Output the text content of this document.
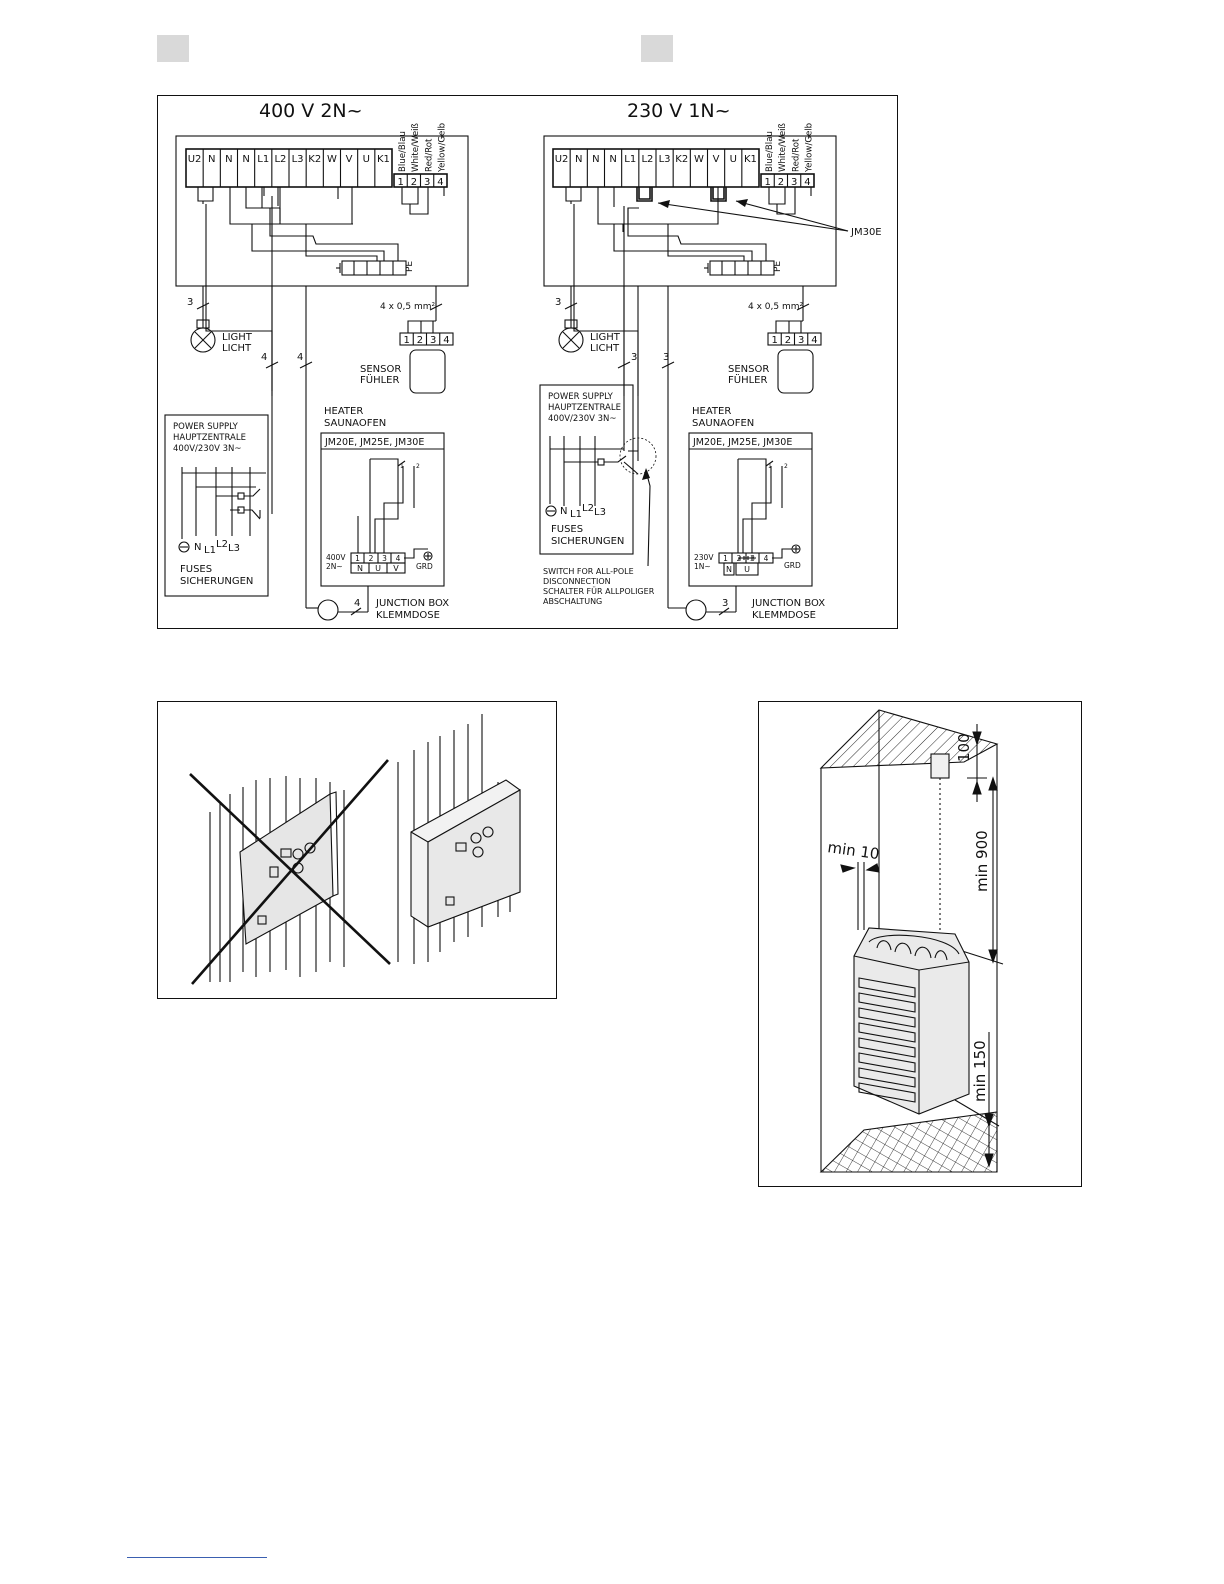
400 V 2N~
U2 N N N L1 L2 L3 K2 W V U K1
1 2 3 4
Blue/Blau White/Weiß Red/Rot Yellow/Gelb
PE
3
LIGHT
LICHT
4	4
4 x 0,5 mm²
1 2 3 4
SENSOR
FÜHLER
HEATER
SAUNAOFEN
JM20E, JM25E, JM30E
1 2
1 2 3 4
N U V GRD
400V
2N~
4 JUNCTION BOX
KLEMMDOSE
POWER SUPPLY
HAUPTZENTRALE
400V/230V 3N~
N L1
L2 L3
FUSES
SICHERUNGEN
230 V 1N~
U2 N N N L1 L2 L3 K2 W V U K1
1 2 3 4
Blue/Blau White/Weiß Red/Rot Yellow/Gelb
JM30E
PE
3
LIGHT
LICHT
3	3
4 x 0,5 mm²
1 2 3 4
SENSOR
FÜHLER
HEATER
SAUNAOFEN
JM20E, JM25E, JM30E
1 2
1 2 3 4
N U	GRD
230V
1N~
3 JUNCTION BOX
KLEMMDOSE
POWER SUPPLY
HAUPTZENTRALE
400V/230V 3N~
N L1
L2 L3
FUSES
SICHERUNGEN
SWITCH FOR ALL-POLE
DISCONNECTION
SCHALTER FÜR ALLPOLIGER
ABSCHALTUNG
100
min 900
min 10
min 150
